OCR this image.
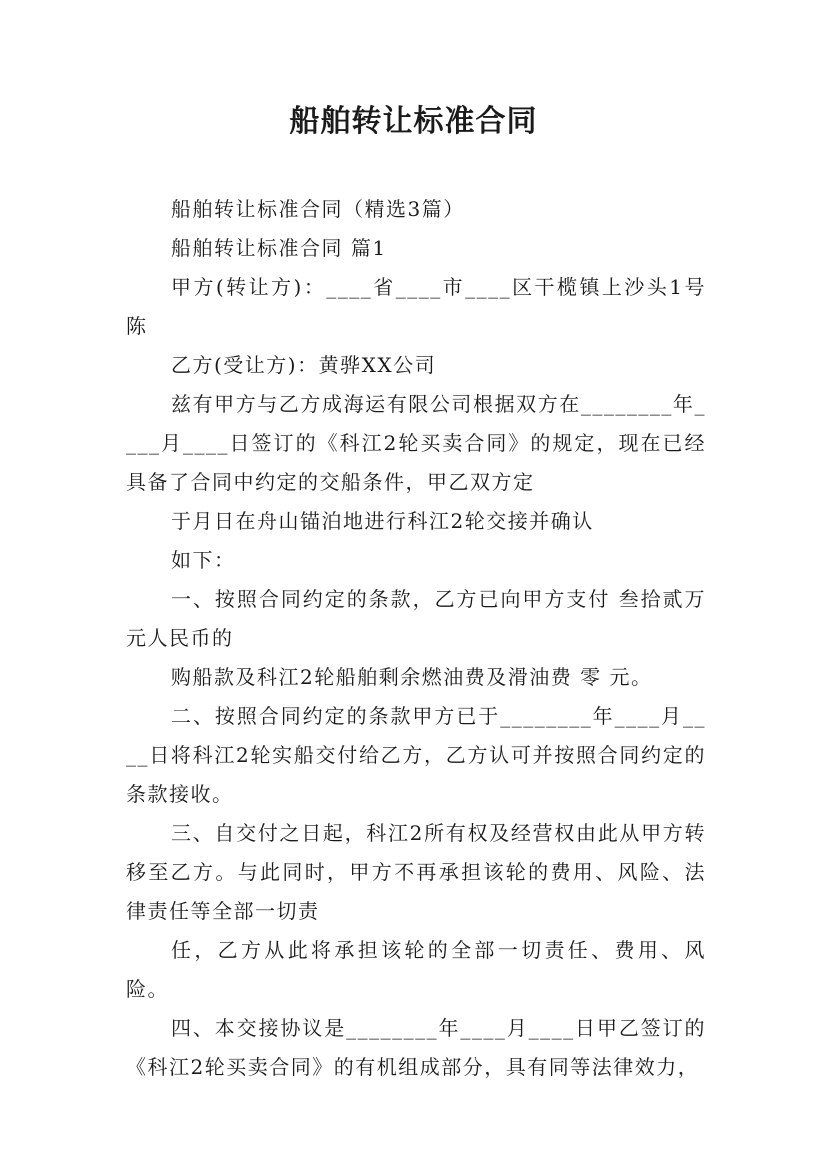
船舶转让标准合同

船舶转让标准合同（精选3篇）

船舶转让标准合同 篇1

甲方(转让方)：____省____市____区干榄镇上沙头1号陈

乙方(受让方)：黄骅XX公司

兹有甲方与乙方成海运有限公司根据双方在________年____月____日签订的《科江2轮买卖合同》的规定，现在已经具备了合同中约定的交船条件，甲乙双方定

于月日在舟山锚泊地进行科江2轮交接并确认

如下：

一、按照合同约定的条款，乙方已向甲方支付 叁拾贰万元人民币的

购船款及科江2轮船舶剩余燃油费及滑油费 零 元。

二、按照合同约定的条款甲方已于________年____月____日将科江2轮实船交付给乙方，乙方认可并按照合同约定的条款接收。

三、自交付之日起，科江2所有权及经营权由此从甲方转移至乙方。与此同时，甲方不再承担该轮的费用、风险、法律责任等全部一切责

任，乙方从此将承担该轮的全部一切责任、费用、风险。

四、本交接协议是________年____月____日甲乙签订的《科江2轮买卖合同》的有机组成部分，具有同等法律效力，
